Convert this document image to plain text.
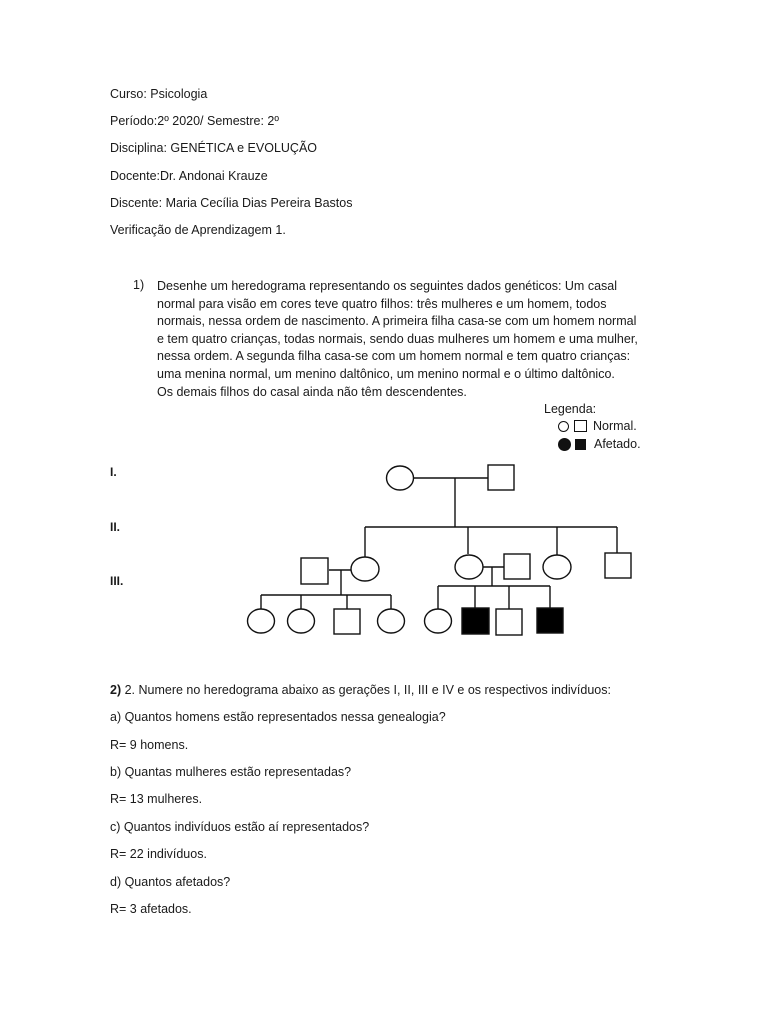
Curso: Psicologia
Período:2º 2020/ Semestre: 2º
Disciplina: GENÉTICA e EVOLUÇÃO
Docente:Dr. Andonai Krauze
Discente: Maria Cecília Dias Pereira Bastos
Verificação de Aprendizagem 1.
1) Desenhe um heredograma representando os seguintes dados genéticos: Um casal
normal para visão em cores teve quatro filhos: três mulheres e um homem, todos
normais, nessa ordem de nascimento. A primeira filha casa-se com um homem normal
e tem quatro crianças, todas normais, sendo duas mulheres um homem e uma mulher,
nessa ordem. A segunda filha casa-se com um homem normal e tem quatro crianças:
uma menina normal, um menino daltônico, um menino normal e o último daltônico.
Os demais filhos do casal ainda não têm descendentes.
Legenda:
Normal.
Afetado.
I.
II.
III.
2) 2. Numere no heredograma abaixo as gerações I, II, III e IV e os respectivos indivíduos:
a) Quantos homens estão representados nessa genealogia?
R= 9 homens.
b) Quantas mulheres estão representadas?
R= 13 mulheres.
c) Quantos indivíduos estão aí representados?
R= 22 indivíduos.
d) Quantos afetados?
R= 3 afetados.
